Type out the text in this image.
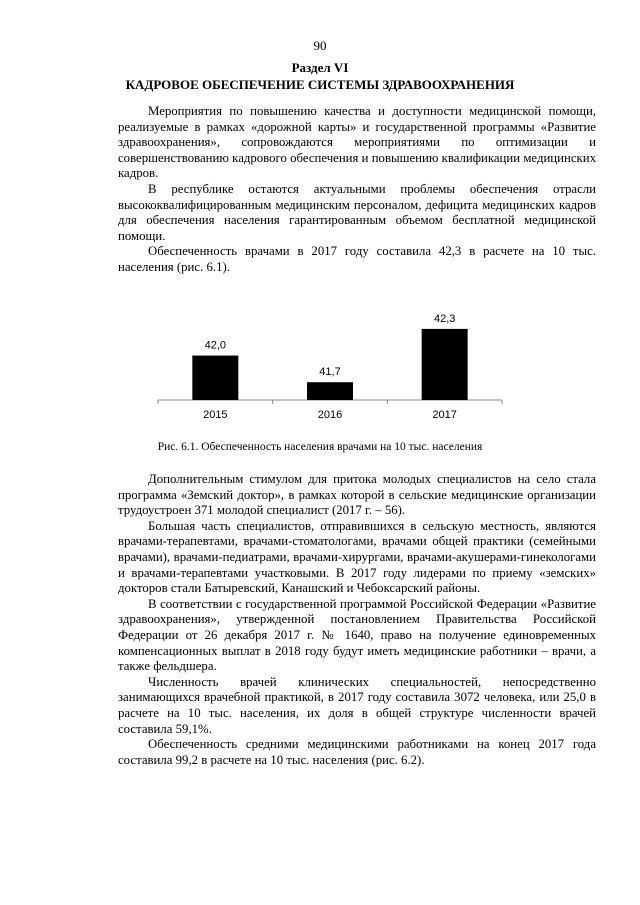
90
Раздел VI
КАДРОВОЕ ОБЕСПЕЧЕНИЕ СИСТЕМЫ ЗДРАВООХРАНЕНИЯ

Мероприятия по повышению качества и доступности медицинской помощи, реализуемые в рамках «дорожной карты» и государственной программы «Развитие здравоохранения», сопровождаются мероприятиями по оптимизации и совершенствованию кадрового обеспечения и повышению квалификации медицинских кадров.

В республике остаются актуальными проблемы обеспечения отрасли высококвалифицированным медицинским персоналом, дефицита медицинских кадров для обеспечения населения гарантированным объемом бесплатной медицинской помощи.

Обеспеченность врачами в 2017 году составила 42,3 в расчете на 10 тыс. населения (рис. 6.1).

42,0
2015
41,7
2016
42,3
2017
Рис. 6.1. Обеспеченность населения врачами на 10 тыс. населения

Дополнительным стимулом для притока молодых специалистов на село стала программа «Земский доктор», в рамках которой в сельские медицинские организации трудоустроен 371 молодой специалист (2017 г. – 56).

Большая часть специалистов, отправившихся в сельскую местность, являются врачами-терапевтами, врачами-стоматологами, врачами общей практики (семейными врачами), врачами-педиатрами, врачами-хирургами, врачами-акушерами-гинекологами и врачами-терапевтами участковыми. В 2017 году лидерами по приему «земских» докторов стали Батыревский, Канашский и Чебоксарский районы.

В соответствии с государственной программой Российской Федерации «Развитие здравоохранения», утвержденной постановлением Правительства Российской Федерации от 26 декабря 2017 г. № 1640, право на получение единовременных компенсационных выплат в 2018 году будут иметь медицинские работники – врачи, а также фельдшера.

Численность врачей клинических специальностей, непосредственно занимающихся врачебной практикой, в 2017 году составила 3072 человека, или 25,0 в расчете на 10 тыс. населения, их доля в общей структуре численности врачей составила 59,1%.

Обеспеченность средними медицинскими работниками на конец 2017 года составила 99,2 в расчете на 10 тыс. населения (рис. 6.2).
